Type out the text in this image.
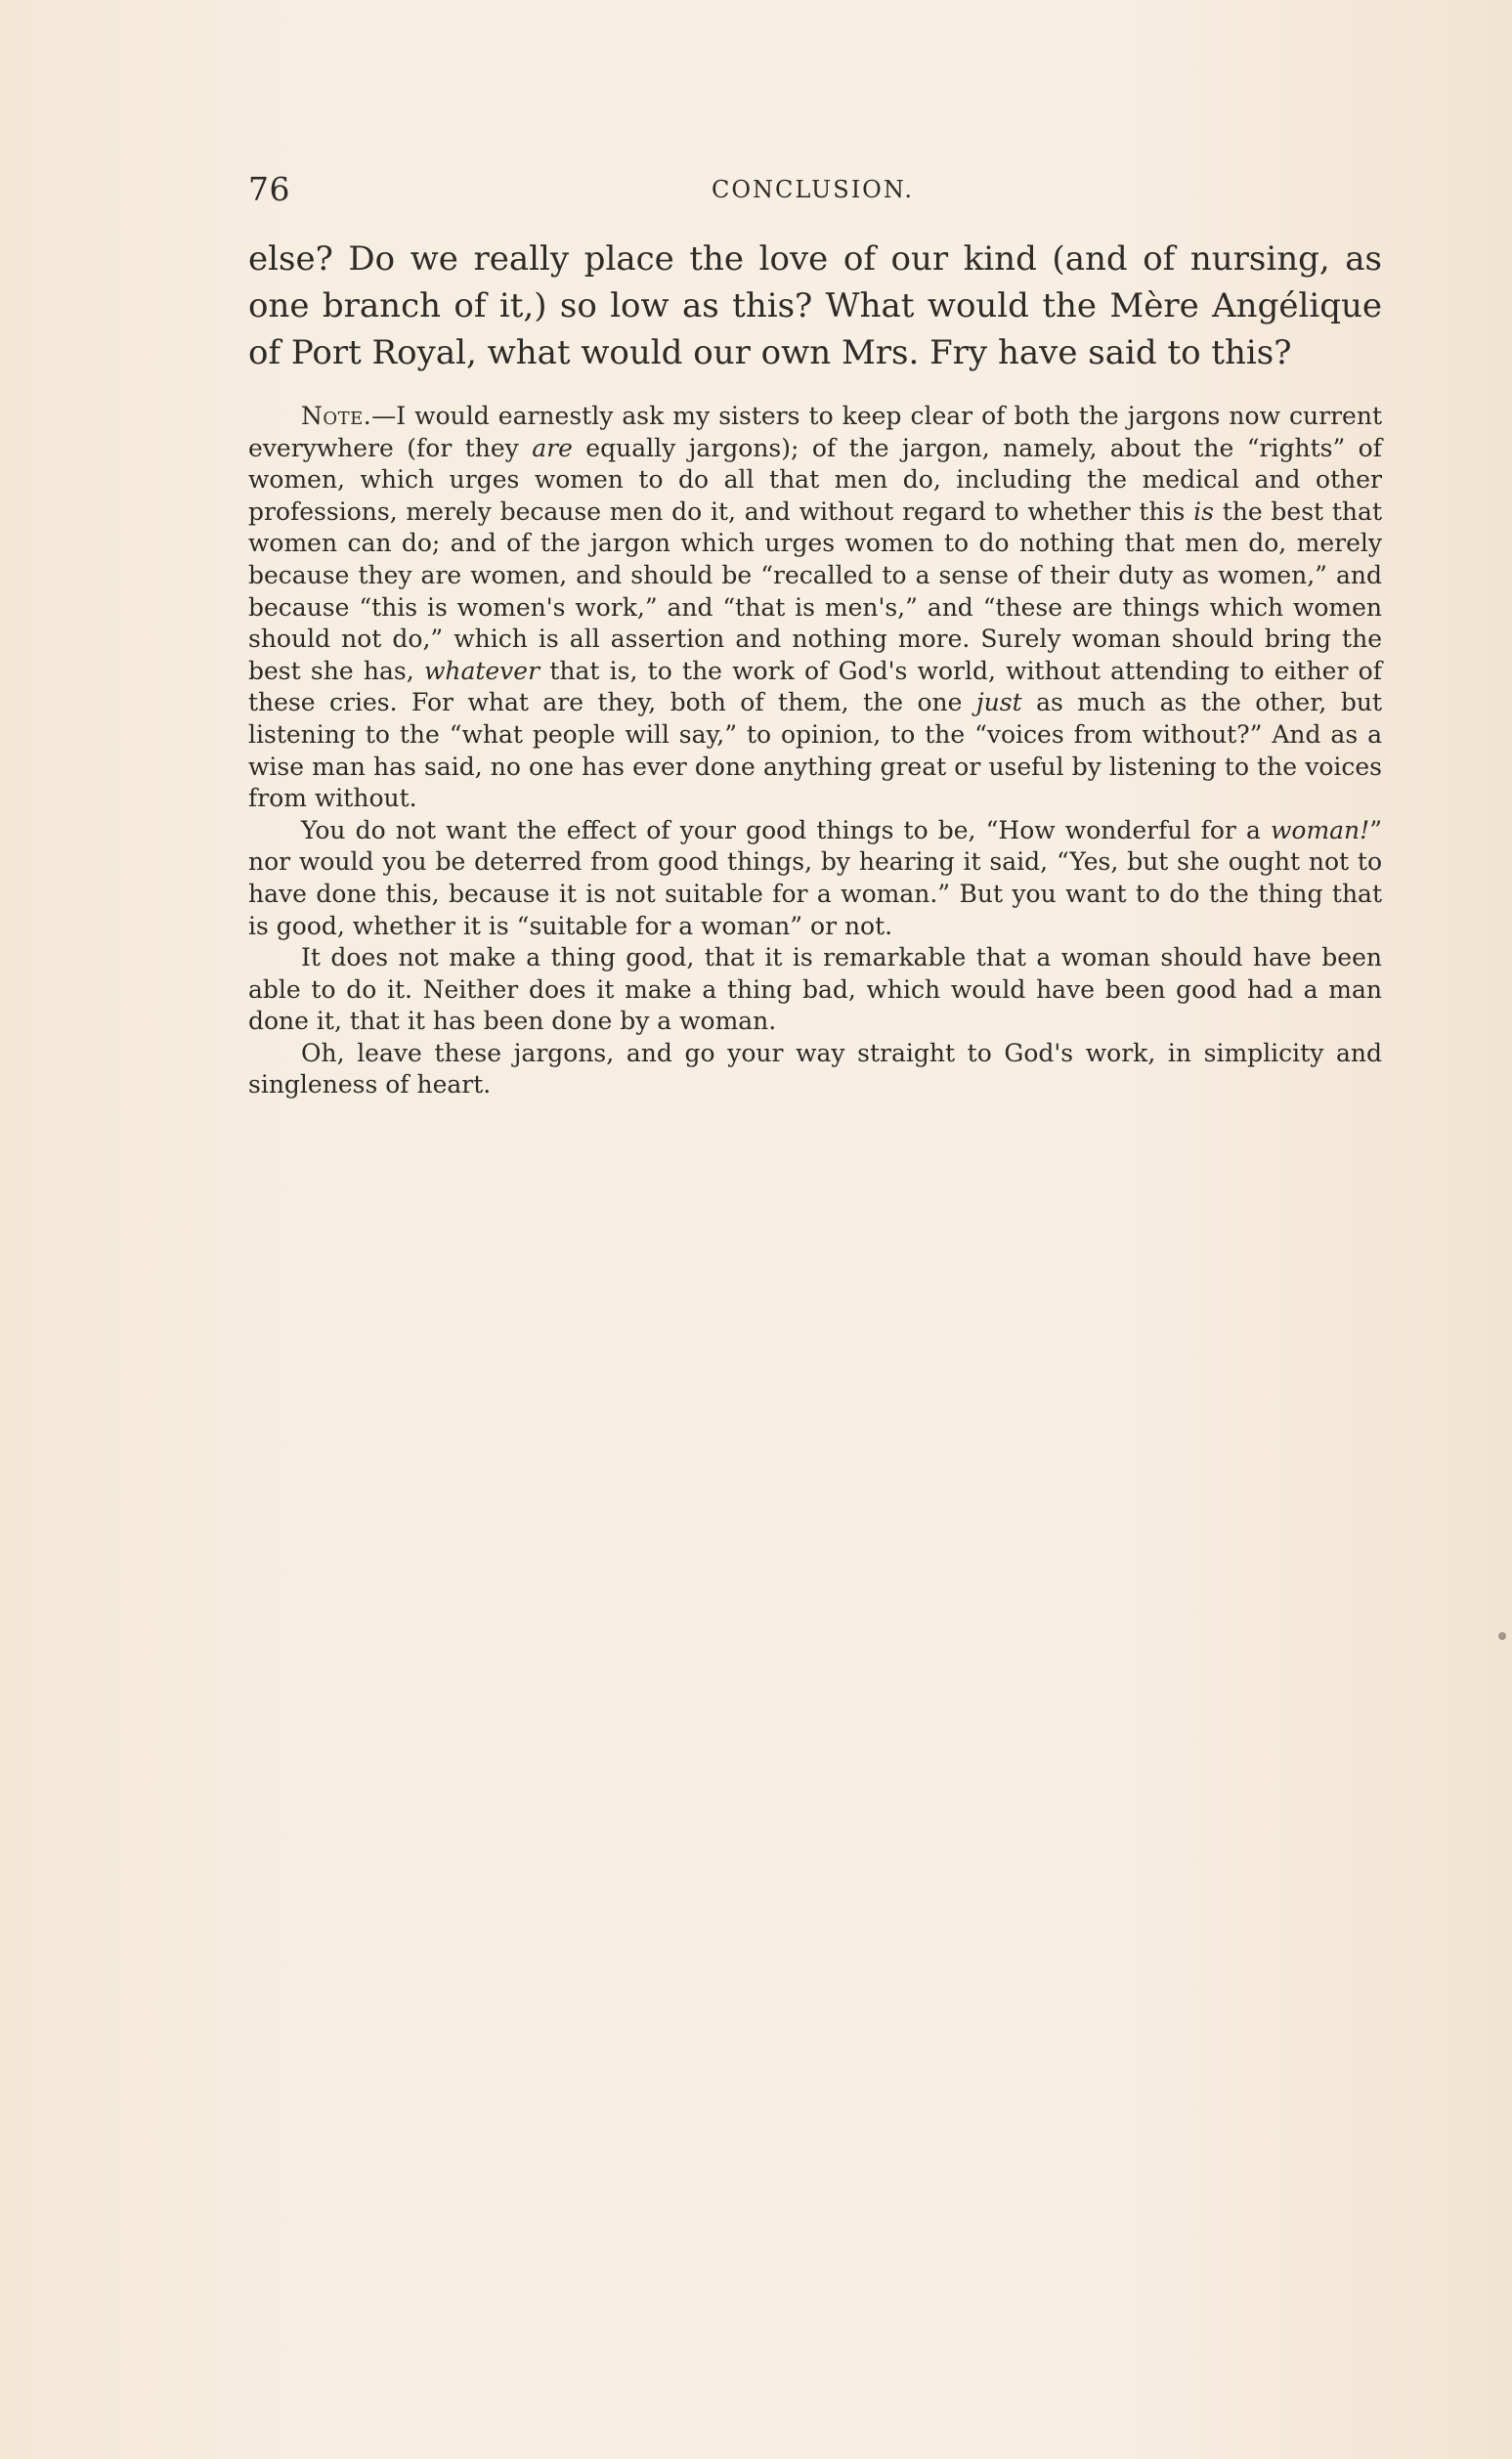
76	CONCLUSION.

else? Do we really place the love of our kind (and of nursing, as one branch of it,) so low as this? What would the Mère Angélique of Port Royal, what would our own Mrs. Fry have said to this?

Note.—I would earnestly ask my sisters to keep clear of both the jargons now current everywhere (for they are equally jargons); of the jargon, namely, about the “rights” of women, which urges women to do all that men do, including the medical and other professions, merely because men do it, and without regard to whether this is the best that women can do; and of the jargon which urges women to do nothing that men do, merely because they are women, and should be “recalled to a sense of their duty as women,” and because “this is women's work,” and “that is men's,” and “these are things which women should not do,” which is all assertion and nothing more. Surely woman should bring the best she has, whatever that is, to the work of God's world, without attending to either of these cries. For what are they, both of them, the one just as much as the other, but listening to the “what people will say,” to opinion, to the “voices from without?” And as a wise man has said, no one has ever done anything great or useful by listening to the voices from without.

You do not want the effect of your good things to be, “How wonderful for a woman!” nor would you be deterred from good things, by hearing it said, “Yes, but she ought not to have done this, because it is not suitable for a woman.” But you want to do the thing that is good, whether it is “suitable for a woman” or not.

It does not make a thing good, that it is remarkable that a woman should have been able to do it. Neither does it make a thing bad, which would have been good had a man done it, that it has been done by a woman.

Oh, leave these jargons, and go your way straight to God's work, in simplicity and singleness of heart.
